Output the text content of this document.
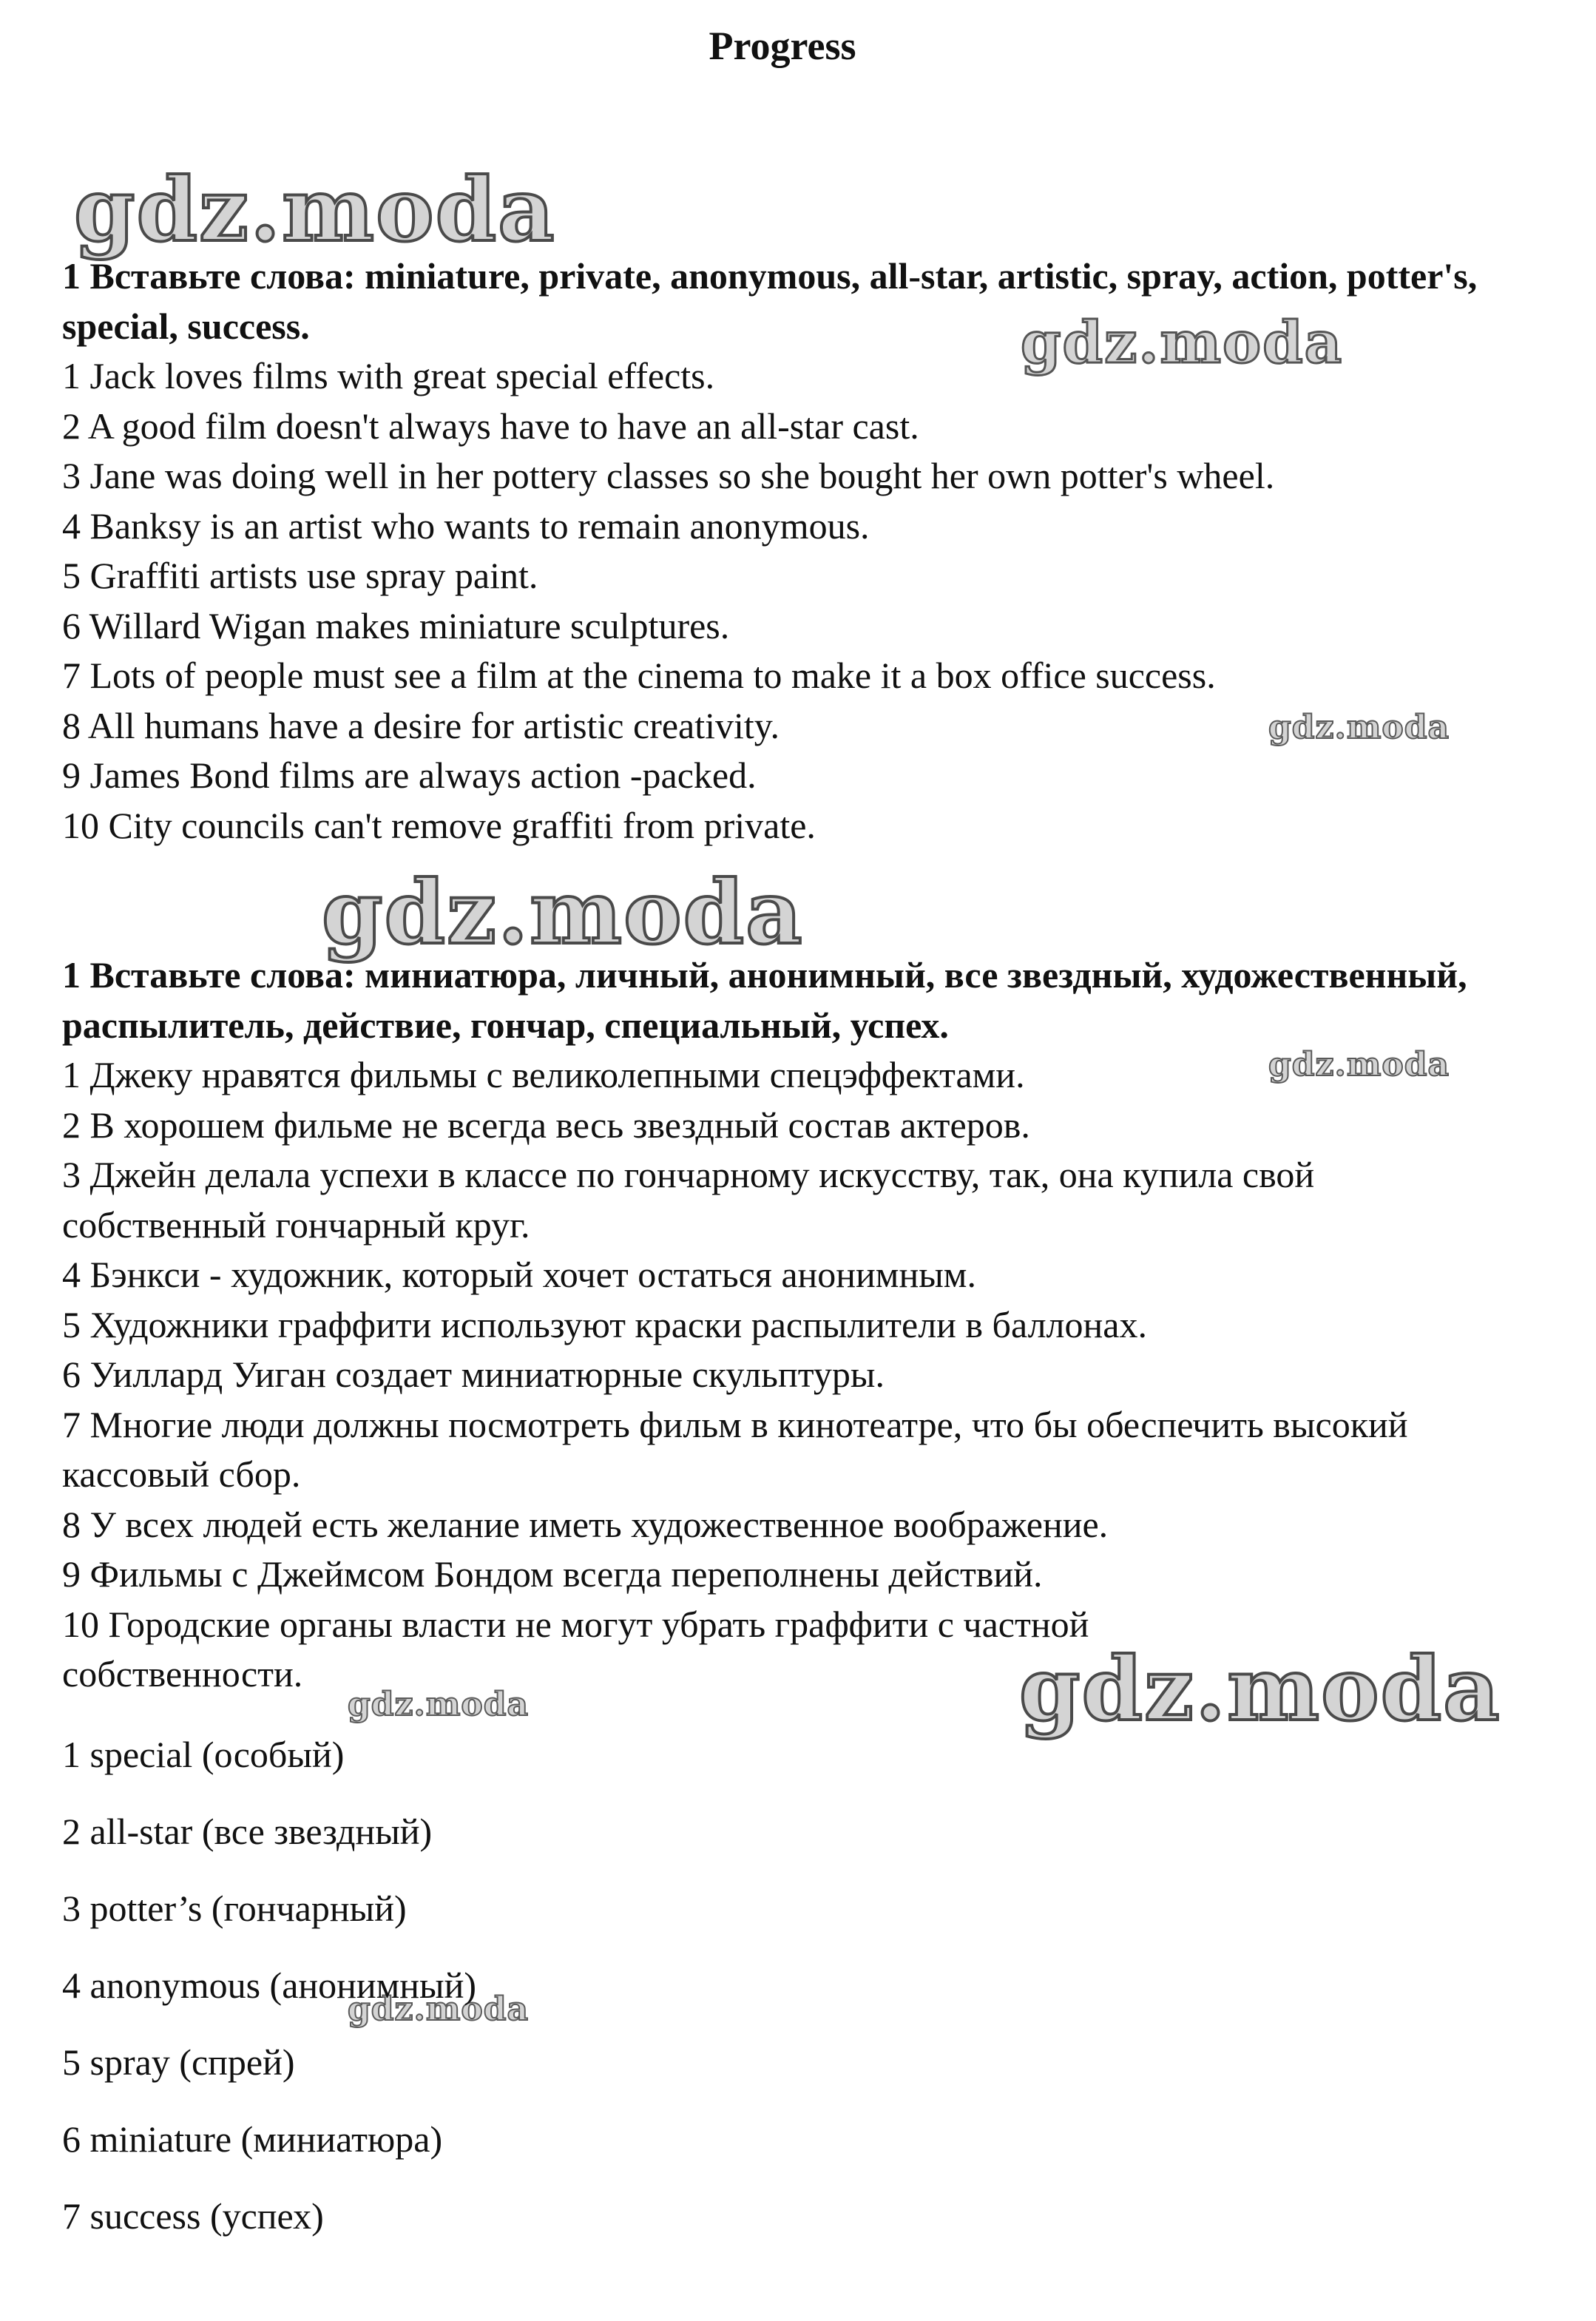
Progress
gdz.moda
gdz.moda
gdz.moda
gdz.moda
gdz.moda
gdz.moda
gdz.moda
gdz.moda
1 Вставьте слова: miniature, private, anonymous, all-star, artistic, spray, action, potter's, special, success.
1 Jack loves films with great special effects.
2 A good film doesn't always have to have an all-star cast.
3 Jane was doing well in her pottery classes so she bought her own potter's wheel.
4 Banksy is an artist who wants to remain anonymous.
5 Graffiti artists use spray paint.
6 Willard Wigan makes miniature sculptures.
7 Lots of people must see a film at the cinema to make it a box office success.
8 All humans have a desire for artistic creativity.
9 James Bond films are always action -packed.
10 City councils can't remove graffiti from private.
1 Вставьте слова: миниатюра, личный, анонимный, все звездный, художественный, распылитель, действие, гончар, специальный, успех.
1 Джеку нравятся фильмы с великолепными спецэффектами.
2 В хорошем фильме не всегда весь звездный состав актеров.
3 Джейн делала успехи в классе по гончарному искусству, так, она купила свой собственный гончарный круг.
4 Бэнкси - художник, который хочет остаться анонимным.
5 Художники граффити используют краски распылители в баллонах.
6 Уиллард Уиган создает миниатюрные скульптуры.
7 Многие люди должны посмотреть фильм в кинотеатре, что бы обеспечить высокий кассовый сбор.
8 У всех людей есть желание иметь художественное воображение.
9 Фильмы с Джеймсом Бондом всегда переполнены действий.
10 Городские органы власти не могут убрать граффити с частной собственности.
1 special (особый)
2 all-star (все звездный)
3 potter’s (гончарный)
4 anonymous (анонимный)
5 spray (спрей)
6 miniature (миниатюра)
7 success (успех)
